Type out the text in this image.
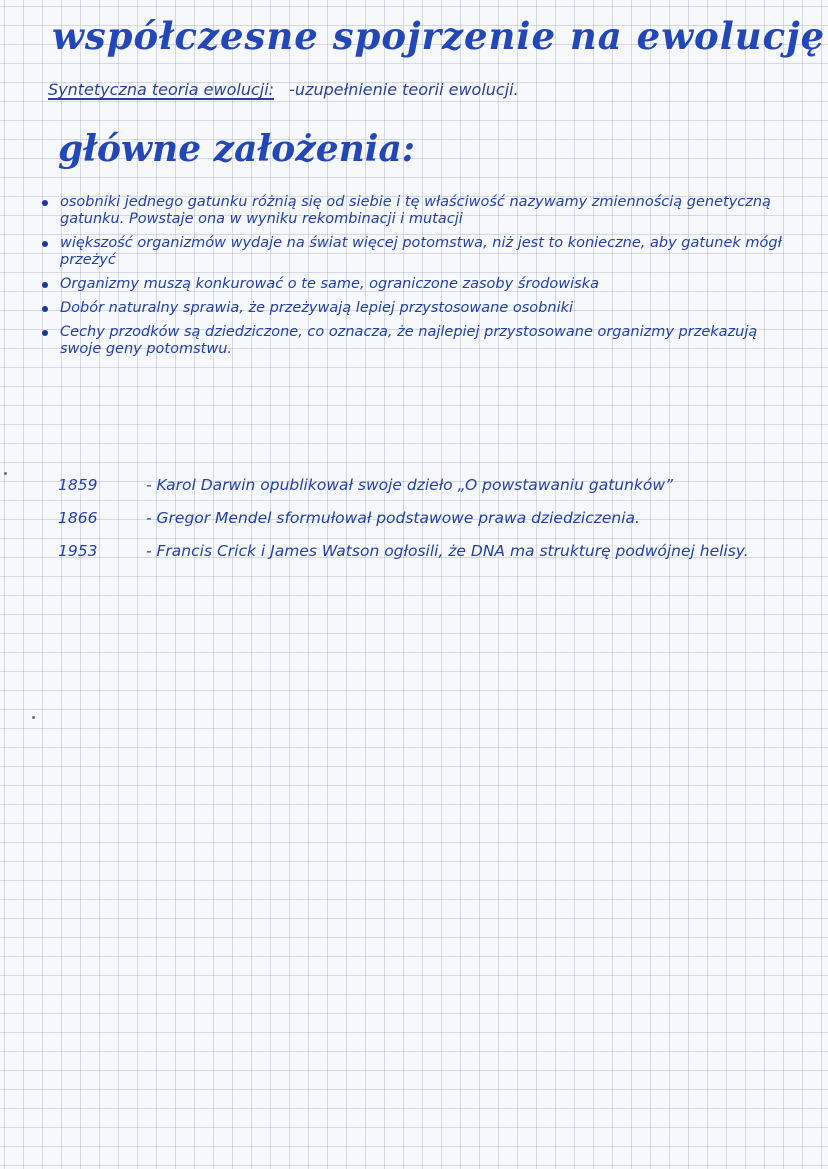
współczesne spojrzenie na ewolucję
Syntetyczna teoria ewolucji: -uzupełnienie teorii ewolucji.
główne założenia:
osobniki jednego gatunku różnią się od siebie i tę właściwość nazywamy zmiennością genetyczną gatunku. Powstaje ona w wyniku rekombinacji i mutacji
większość organizmów wydaje na świat więcej potomstwa, niż jest to konieczne, aby gatunek mógł przeżyć
Organizmy muszą konkurować o te same, ograniczone zasoby środowiska
Dobór naturalny sprawia, że przeżywają lepiej przystosowane osobniki
Cechy przodków są dziedziczone, co oznacza, że najlepiej przystosowane organizmy przekazują swoje geny potomstwu.
1859	- Karol Darwin opublikował swoje dzieło „O powstawaniu gatunków”
1866	- Gregor Mendel sformułował podstawowe prawa dziedziczenia.
1953	- Francis Crick i James Watson ogłosili, że DNA ma strukturę podwójnej helisy.
